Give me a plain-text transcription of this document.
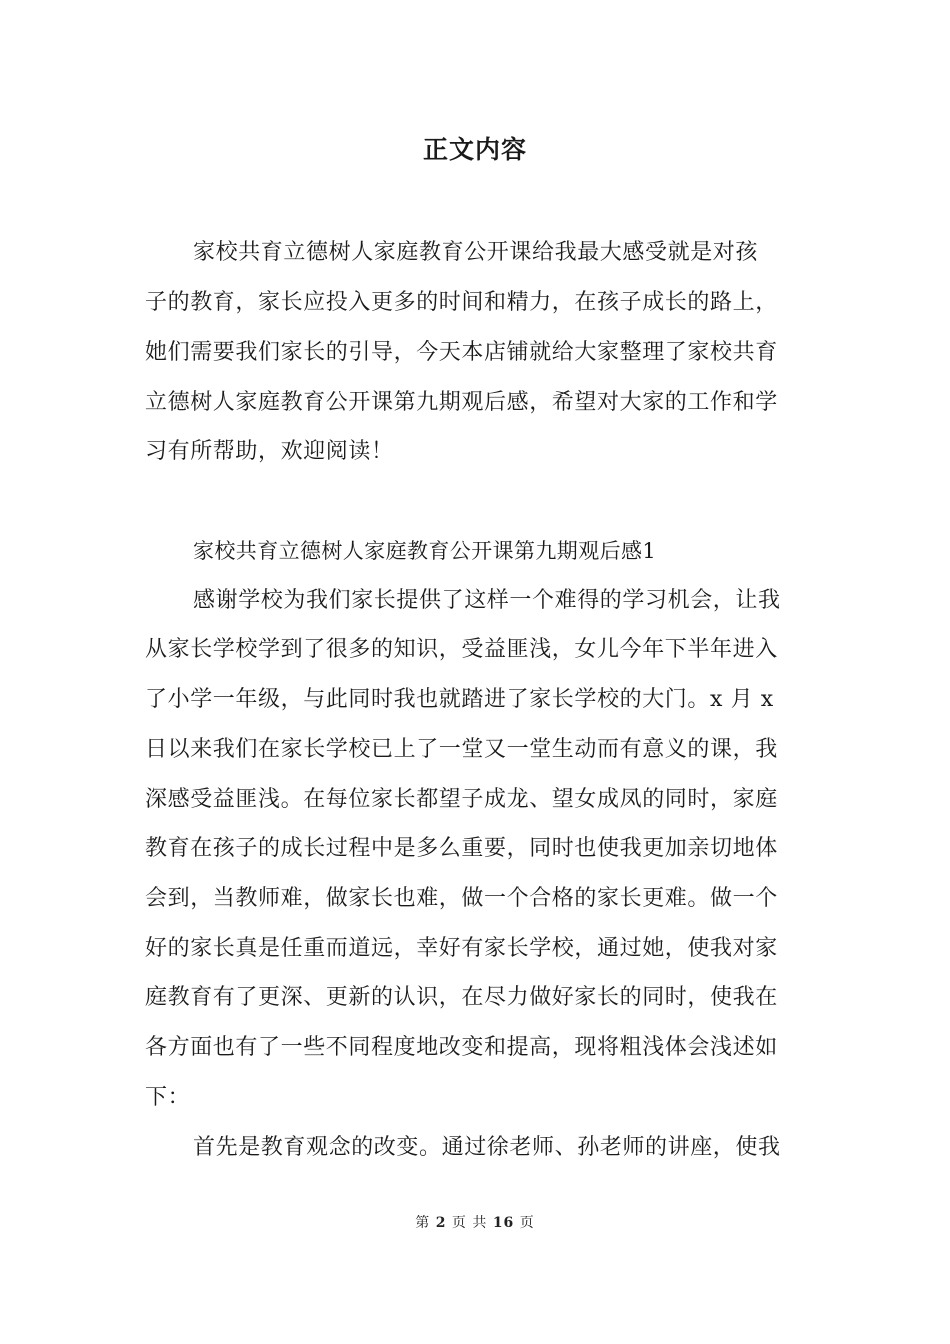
正文内容
家校共育立德树人家庭教育公开课给我最大感受就是对孩
子的教育，家长应投入更多的时间和精力，在孩子成长的路上，
她们需要我们家长的引导，今天本店铺就给大家整理了家校共育
立德树人家庭教育公开课第九期观后感，希望对大家的工作和学
习有所帮助，欢迎阅读！
家校共育立德树人家庭教育公开课第九期观后感1
感谢学校为我们家长提供了这样一个难得的学习机会，让我
从家长学校学到了很多的知识，受益匪浅，女儿今年下半年进入
了小学一年级，与此同时我也就踏进了家长学校的大门。x 月 x
日以来我们在家长学校已上了一堂又一堂生动而有意义的课，我
深感受益匪浅。在每位家长都望子成龙、望女成凤的同时，家庭
教育在孩子的成长过程中是多么重要，同时也使我更加亲切地体
会到，当教师难，做家长也难，做一个合格的家长更难。做一个
好的家长真是任重而道远，幸好有家长学校，通过她，使我对家
庭教育有了更深、更新的认识，在尽力做好家长的同时，使我在
各方面也有了一些不同程度地改变和提高，现将粗浅体会浅述如
下：
首先是教育观念的改变。通过徐老师、孙老师的讲座，使我
第 2 页 共 16 页
